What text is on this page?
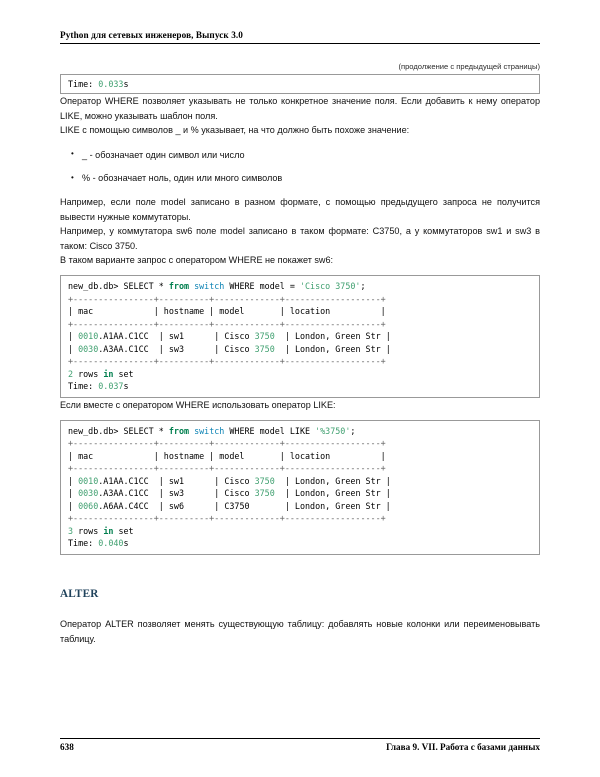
Python для сетевых инженеров, Выпуск 3.0
(продолжение с предыдущей страницы)
Time: 0.033s

Оператор WHERE позволяет указывать не только конкретное значение поля. Если добавить к нему оператор LIKE, можно указывать шаблон поля.

LIKE с помощью символов _ и % указывает, на что должно быть похоже значение:

• _ - обозначает один символ или число
• % - обозначает ноль, один или много символов

Например, если поле model записано в разном формате, с помощью предыдущего запроса не получится вывести нужные коммутаторы.

Например, у коммутатора sw6 поле model записано в таком формате: C3750, а у коммутаторов sw1 и sw3 в таком: Cisco 3750.

В таком варианте запрос с оператором WHERE не покажет sw6:

new_db.db> SELECT * from switch WHERE model = 'Cisco 3750';
+----------------+----------+-------------+-------------------+
| mac            | hostname | model       | location          |
+----------------+----------+-------------+-------------------+
| 0010.A1AA.C1CC | sw1      | Cisco 3750 | London, Green Str |
| 0030.A3AA.C1CC | sw3      | Cisco 3750 | London, Green Str |
+----------------+----------+-------------+-------------------+
2 rows in set
Time: 0.037s

Если вместе с оператором WHERE использовать оператор LIKE:

new_db.db> SELECT * from switch WHERE model LIKE '%3750';
+----------------+----------+-------------+-------------------+
| mac            | hostname | model       | location          |
+----------------+----------+-------------+-------------------+
| 0010.A1AA.C1CC | sw1      | Cisco 3750 | London, Green Str |
| 0030.A3AA.C1CC | sw3      | Cisco 3750 | London, Green Str |
| 0060.A6AA.C4CC | sw6      | C3750	| London, Green Str |
+----------------+----------+-------------+-------------------+
3 rows in set
Time: 0.040s
ALTER

Оператор ALTER позволяет менять существующую таблицу: добавлять новые колонки или переименовывать таблицу.

638	Глава 9. VII. Работа с базами данных
